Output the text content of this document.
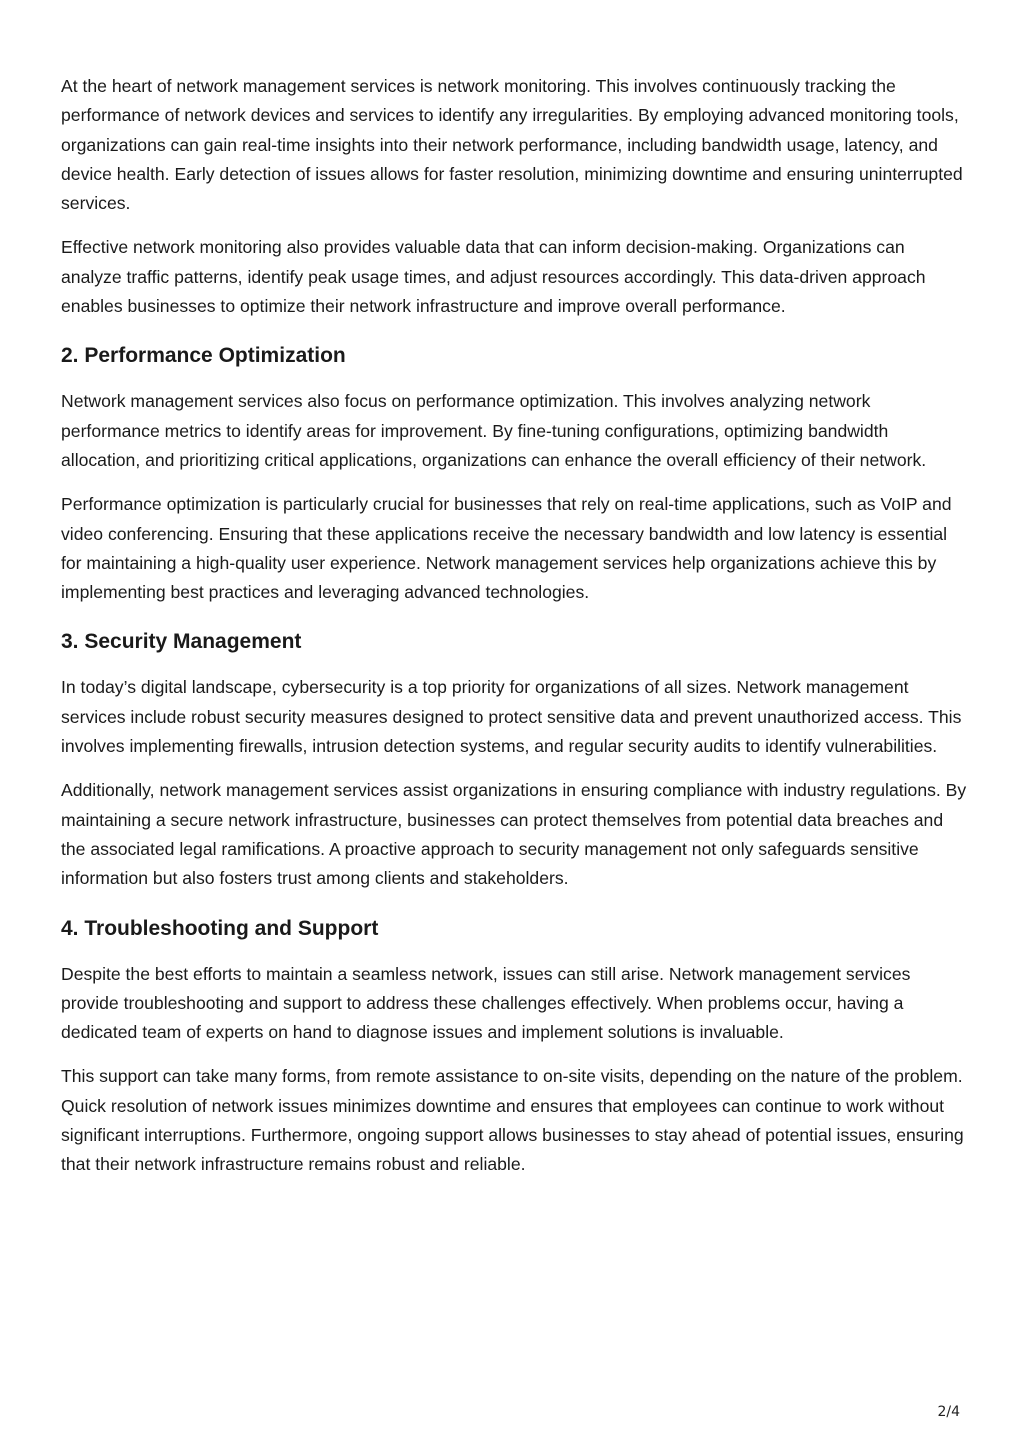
At the heart of network management services is network monitoring. This involves continuously tracking the performance of network devices and services to identify any irregularities. By employing advanced monitoring tools, organizations can gain real-time insights into their network performance, including bandwidth usage, latency, and device health. Early detection of issues allows for faster resolution, minimizing downtime and ensuring uninterrupted services.

Effective network monitoring also provides valuable data that can inform decision-making. Organizations can analyze traffic patterns, identify peak usage times, and adjust resources accordingly. This data-driven approach enables businesses to optimize their network infrastructure and improve overall performance.

2. Performance Optimization

Network management services also focus on performance optimization. This involves analyzing network performance metrics to identify areas for improvement. By fine-tuning configurations, optimizing bandwidth allocation, and prioritizing critical applications, organizations can enhance the overall efficiency of their network.

Performance optimization is particularly crucial for businesses that rely on real-time applications, such as VoIP and video conferencing. Ensuring that these applications receive the necessary bandwidth and low latency is essential for maintaining a high-quality user experience. Network management services help organizations achieve this by implementing best practices and leveraging advanced technologies.

3. Security Management

In today’s digital landscape, cybersecurity is a top priority for organizations of all sizes. Network management services include robust security measures designed to protect sensitive data and prevent unauthorized access. This involves implementing firewalls, intrusion detection systems, and regular security audits to identify vulnerabilities.

Additionally, network management services assist organizations in ensuring compliance with industry regulations. By maintaining a secure network infrastructure, businesses can protect themselves from potential data breaches and the associated legal ramifications. A proactive approach to security management not only safeguards sensitive information but also fosters trust among clients and stakeholders.

4. Troubleshooting and Support

Despite the best efforts to maintain a seamless network, issues can still arise. Network management services provide troubleshooting and support to address these challenges effectively. When problems occur, having a dedicated team of experts on hand to diagnose issues and implement solutions is invaluable.

This support can take many forms, from remote assistance to on-site visits, depending on the nature of the problem. Quick resolution of network issues minimizes downtime and ensures that employees can continue to work without significant interruptions. Furthermore, ongoing support allows businesses to stay ahead of potential issues, ensuring that their network infrastructure remains robust and reliable.

2/4
